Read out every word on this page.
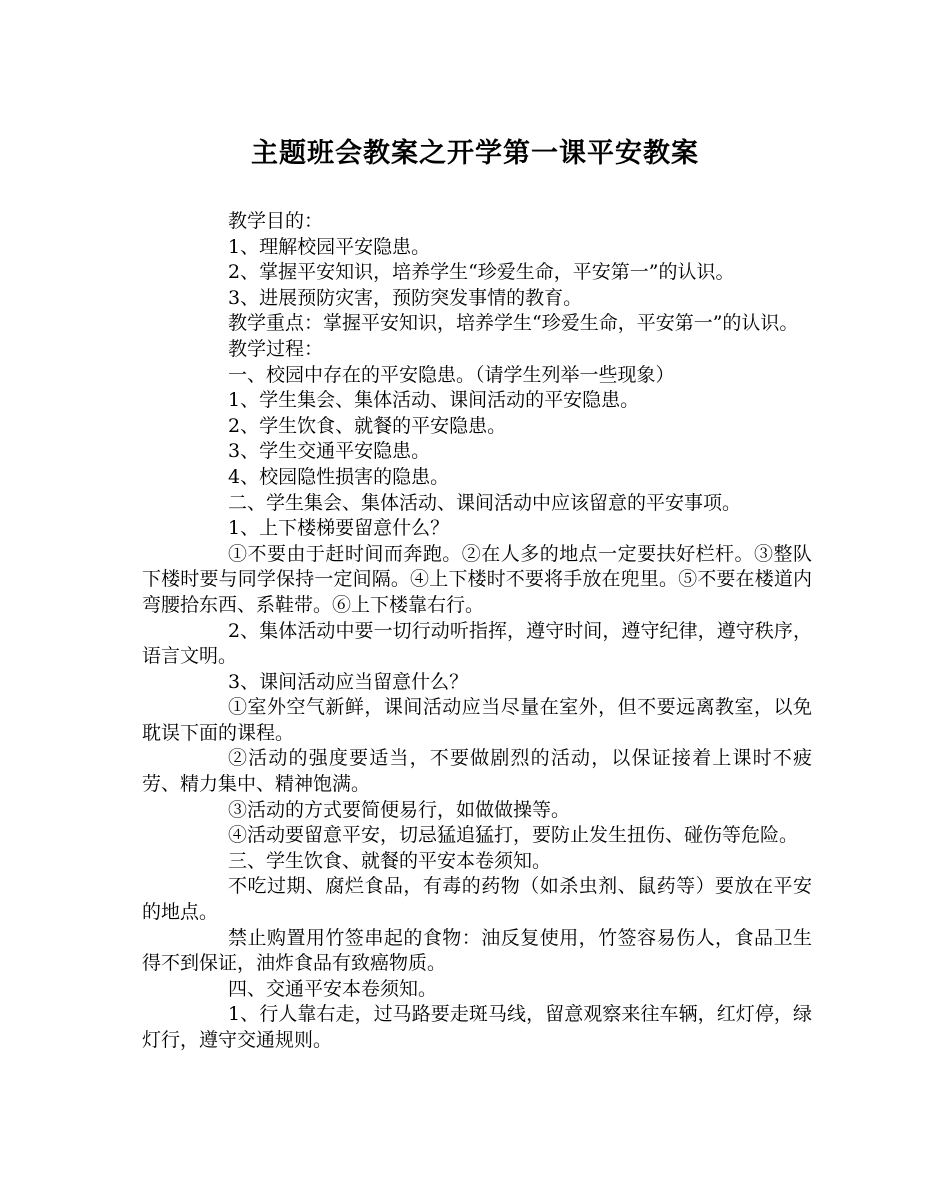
主题班会教案之开学第一课平安教案

教学目的：

1、理解校园平安隐患。

2、掌握平安知识，培养学生“珍爱生命，平安第一”的认识。

3、进展预防灾害，预防突发事情的教育。

教学重点：掌握平安知识，培养学生“珍爱生命，平安第一”的认识。

教学过程：

一、校园中存在的平安隐患。（请学生列举一些现象）

1、学生集会、集体活动、课间活动的平安隐患。

2、学生饮食、就餐的平安隐患。

3、学生交通平安隐患。

4、校园隐性损害的隐患。

二、学生集会、集体活动、课间活动中应该留意的平安事项。

1、上下楼梯要留意什么？

①不要由于赶时间而奔跑。②在人多的地点一定要扶好栏杆。③整队下楼时要与同学保持一定间隔。④上下楼时不要将手放在兜里。⑤不要在楼道内弯腰拾东西、系鞋带。⑥上下楼靠右行。

2、集体活动中要一切行动听指挥，遵守时间，遵守纪律，遵守秩序，语言文明。

3、课间活动应当留意什么？

①室外空气新鲜，课间活动应当尽量在室外，但不要远离教室，以免耽误下面的课程。

②活动的强度要适当，不要做剧烈的活动，以保证接着上课时不疲劳、精力集中、精神饱满。

③活动的方式要简便易行，如做做操等。

④活动要留意平安，切忌猛追猛打，要防止发生扭伤、碰伤等危险。

三、学生饮食、就餐的平安本卷须知。

不吃过期、腐烂食品，有毒的药物（如杀虫剂、鼠药等）要放在平安的地点。

禁止购置用竹签串起的食物：油反复使用，竹签容易伤人，食品卫生得不到保证，油炸食品有致癌物质。

四、交通平安本卷须知。

1、行人靠右走，过马路要走斑马线，留意观察来往车辆，红灯停，绿灯行，遵守交通规则。
